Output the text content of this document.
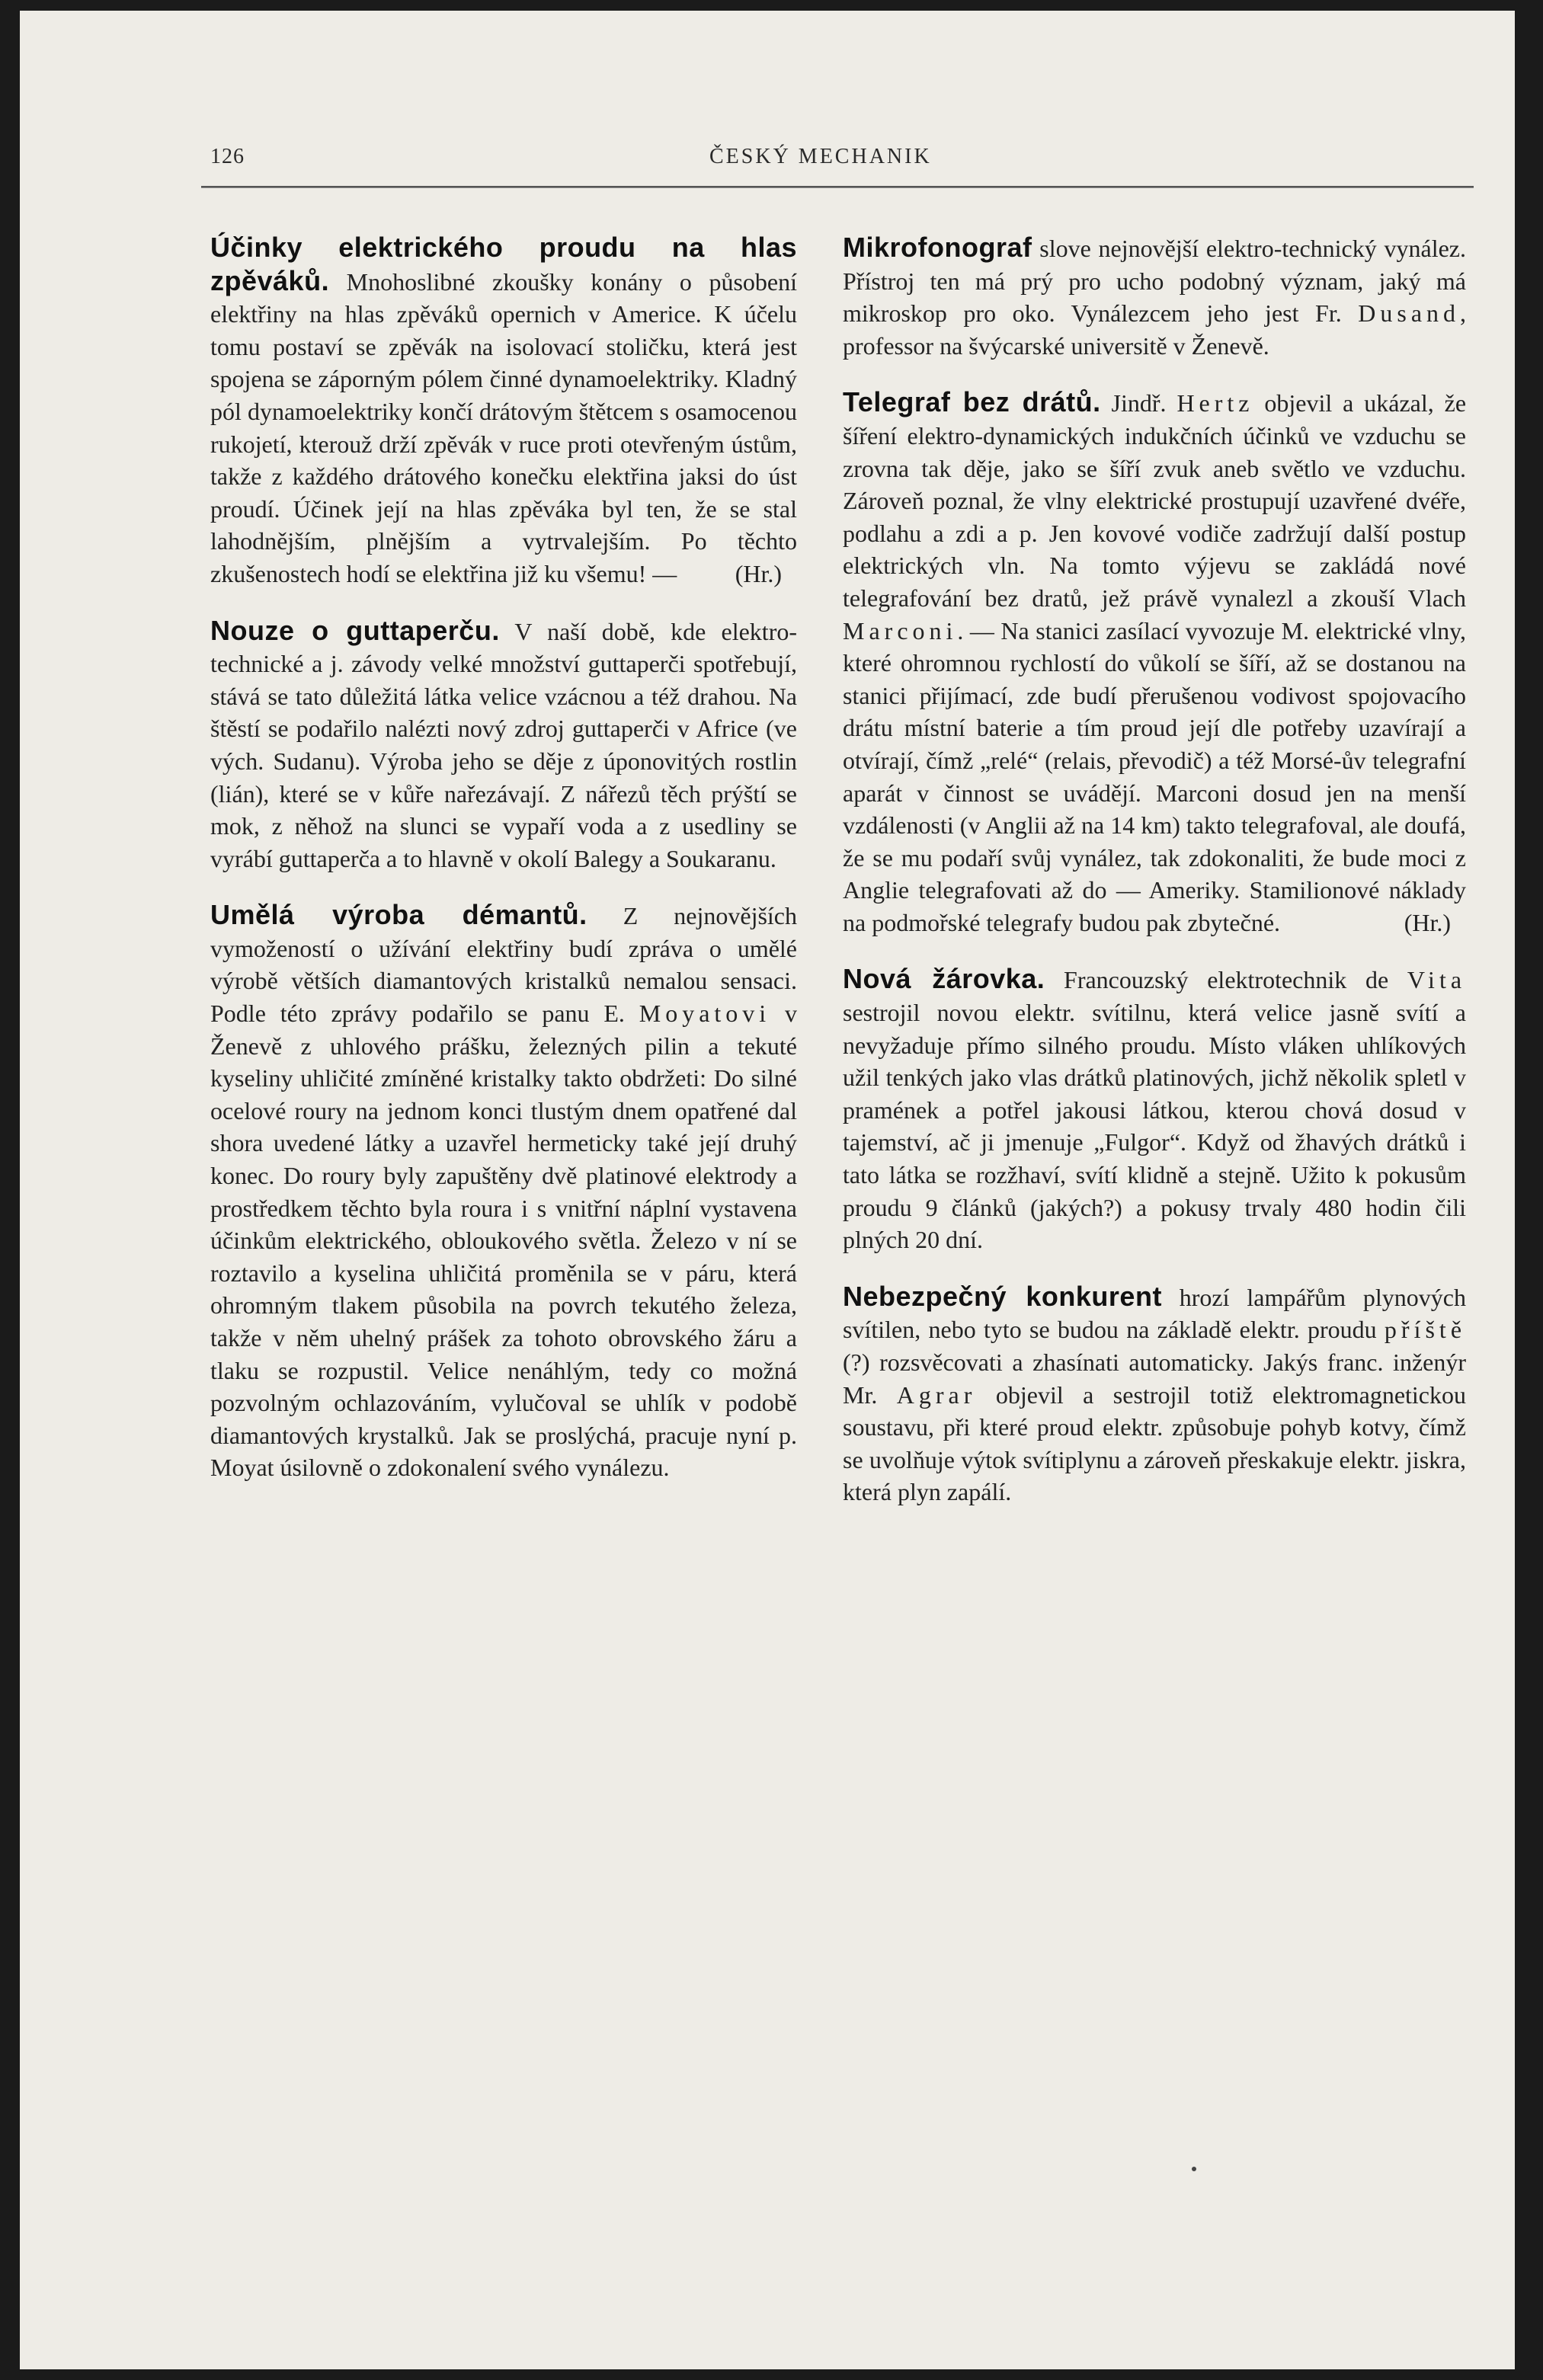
126	ČESKÝ MECHANIK

Účinky elektrického proudu na hlas zpěváků. Mnohoslibné zkoušky konány o působení elektřiny na hlas zpěváků opernich v Americe. K účelu tomu postaví se zpěvák na isolovací stoličku, která jest spojena se záporným pólem činné dynamoelektriky. Kladný pól dynamoelektriky končí drátovým štětcem s osamocenou rukojetí, kterouž drží zpěvák v ruce proti otevřeným ústům, takže z každého drátového konečku elektřina jaksi do úst proudí. Účinek její na hlas zpěváka byl ten, že se stal lahodnějším, plnějším a vytrvalejším. Po těchto zkušenostech hodí se elektřina již ku všemu! — (Hr.)

Nouze o guttaperču. V naší době, kde elektro-technické a j. závody velké množství guttaperči spotřebují, stává se tato důležitá látka velice vzácnou a též drahou. Na štěstí se podařilo nalézti nový zdroj guttaperči v Africe (ve vých. Sudanu). Výroba jeho se děje z úponovitých rostlin (lián), které se v kůře nařezávají. Z nářezů těch prýští se mok, z něhož na slunci se vypaří voda a z usedliny se vyrábí guttaperča a to hlavně v okolí Balegy a Soukaranu.

Umělá výroba démantů. Z nejnovějších vymožeností o užívání elektřiny budí zpráva o umělé výrobě větších diamantových kristalků nemalou sensaci. Podle této zprávy podařilo se panu E. Moyatovi v Ženevě z uhlového prášku, železných pilin a tekuté kyseliny uhličité zmíněné kristalky takto obdržeti: Do silné ocelové roury na jednom konci tlustým dnem opatřené dal shora uvedené látky a uzavřel hermeticky také její druhý konec. Do roury byly zapuštěny dvě platinové elektrody a prostředkem těchto byla roura i s vnitřní náplní vystavena účinkům elektrického, obloukového světla. Železo v ní se roztavilo a kyselina uhličitá proměnila se v páru, která ohromným tlakem působila na povrch tekutého železa, takže v něm uhelný prášek za tohoto obrovského žáru a tlaku se rozpustil. Velice nenáhlým, tedy co možná pozvolným ochlazováním, vylučoval se uhlík v podobě diamantových krystalků. Jak se proslýchá, pracuje nyní p. Moyat úsilovně o zdokonalení svého vynálezu.

Mikrofonograf slove nejnovější elektro-technický vynález. Přístroj ten má prý pro ucho podobný význam, jaký má mikroskop pro oko. Vynálezcem jeho jest Fr. Dusand, professor na švýcarské universitě v Ženevě.

Telegraf bez drátů. Jindř. Hertz objevil a ukázal, že šíření elektro-dynamických indukčních účinků ve vzduchu se zrovna tak děje, jako se šíří zvuk aneb světlo ve vzduchu. Zároveň poznal, že vlny elektrické prostupují uzavřené dvéře, podlahu a zdi a p. Jen kovové vodiče zadržují další postup elektrických vln. Na tomto výjevu se zakládá nové telegrafování bez dratů, jež právě vynalezl a zkouší Vlach Marconi. — Na stanici zasílací vyvozuje M. elektrické vlny, které ohromnou rychlostí do vůkolí se šíří, až se dostanou na stanici přijímací, zde budí přerušenou vodivost spojovacího drátu místní baterie a tím proud její dle potřeby uzavírají a otvírají, čímž „relé“ (relais, převodič) a též Morsé-ův telegrafní aparát v činnost se uvádějí. Marconi dosud jen na menší vzdálenosti (v Anglii až na 14 km) takto telegrafoval, ale doufá, že se mu podaří svůj vynález, tak zdokonaliti, že bude moci z Anglie telegrafovati až do — Ameriky. Stamilionové náklady na podmořské telegrafy budou pak zbytečné.	(Hr.)

Nová žárovka. Francouzský elektrotechnik de Vita sestrojil novou elektr. svítilnu, která velice jasně svítí a nevyžaduje přímo silného proudu. Místo vláken uhlíkových užil tenkých jako vlas drátků platinových, jichž několik spletl v pramének a potřel jakousi látkou, kterou chová dosud v tajemství, ač ji jmenuje „Fulgor“. Když od žhavých drátků i tato látka se rozžhaví, svítí klidně a stejně. Užito k pokusům proudu 9 článků (jakých?) a pokusy trvaly 480 hodin čili plných 20 dní.

Nebezpečný konkurent hrozí lampářům plynových svítilen, nebo tyto se budou na základě elektr. proudu příště (?) rozsvěcovati a zhasínati automaticky. Jakýs franc. inženýr Mr. Agrar objevil a sestrojil totiž elektromagnetickou soustavu, při které proud elektr. způsobuje pohyb kotvy, čímž se uvolňuje výtok svítiplynu a zároveň přeskakuje elektr. jiskra, která plyn zapálí.
